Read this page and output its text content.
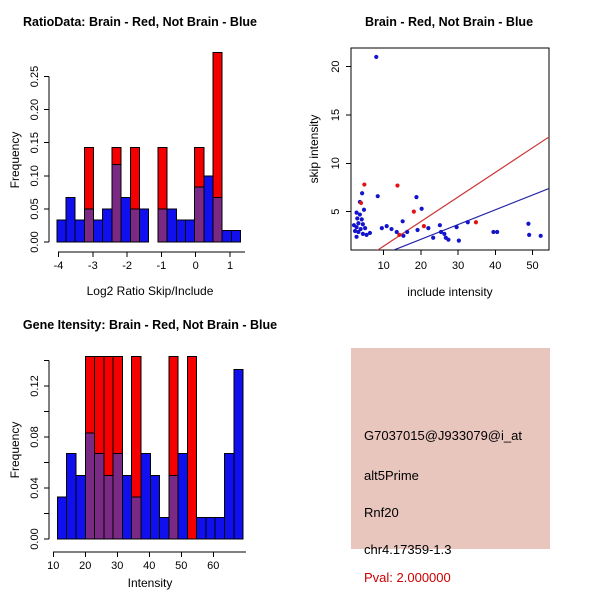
0.00
0.05
0.10
0.15
0.20
0.25
-4 -3 -2 -1 0	1
RatioData: Brain - Red, Not Brain - Blue
Log2 Ratio Skip/Include
Frequency
10 20 30 40 50
5
10
15
20
Brain - Red, Not Brain - Blue
include intensity
skip intensity
0.00
0.04
0.08
0.12
10 20 30 40 50 60
Gene Itensity: Brain - Red, Not Brain - Blue
Intensity
Frequency	G7037015@J933079@i_at
alt5Prime
Rnf20
chr4.17359-1.3
Pval: 2.000000
